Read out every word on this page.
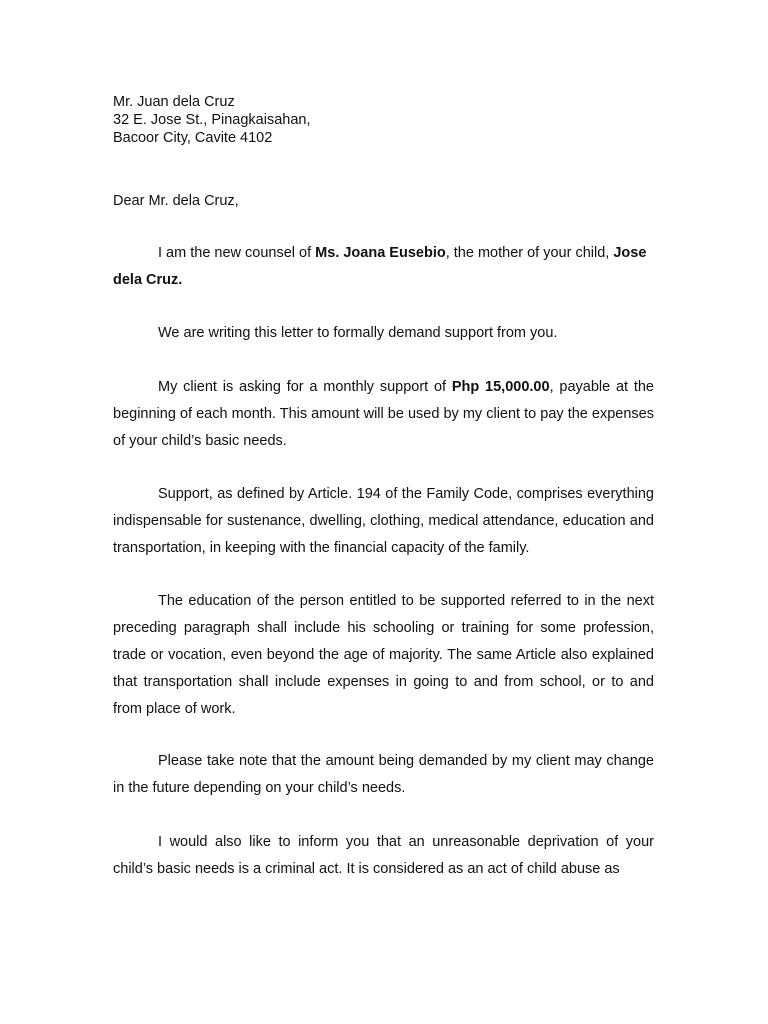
Mr. Juan dela Cruz
32 E. Jose St., Pinagkaisahan,
Bacoor City, Cavite 4102
Dear Mr. dela Cruz,

I am the new counsel of Ms. Joana Eusebio, the mother of your child, Jose dela Cruz.

We are writing this letter to formally demand support from you.

My client is asking for a monthly support of Php 15,000.00, payable at the beginning of each month. This amount will be used by my client to pay the expenses of your child’s basic needs.

Support, as defined by Article. 194 of the Family Code, comprises everything indispensable for sustenance, dwelling, clothing, medical attendance, education and transportation, in keeping with the financial capacity of the family.

The education of the person entitled to be supported referred to in the next preceding paragraph shall include his schooling or training for some profession, trade or vocation, even beyond the age of majority. The same Article also explained that transportation shall include expenses in going to and from school, or to and from place of work.

Please take note that the amount being demanded by my client may change in the future depending on your child’s needs.

I would also like to inform you that an unreasonable deprivation of your child’s basic needs is a criminal act. It is considered as an act of child abuse as
